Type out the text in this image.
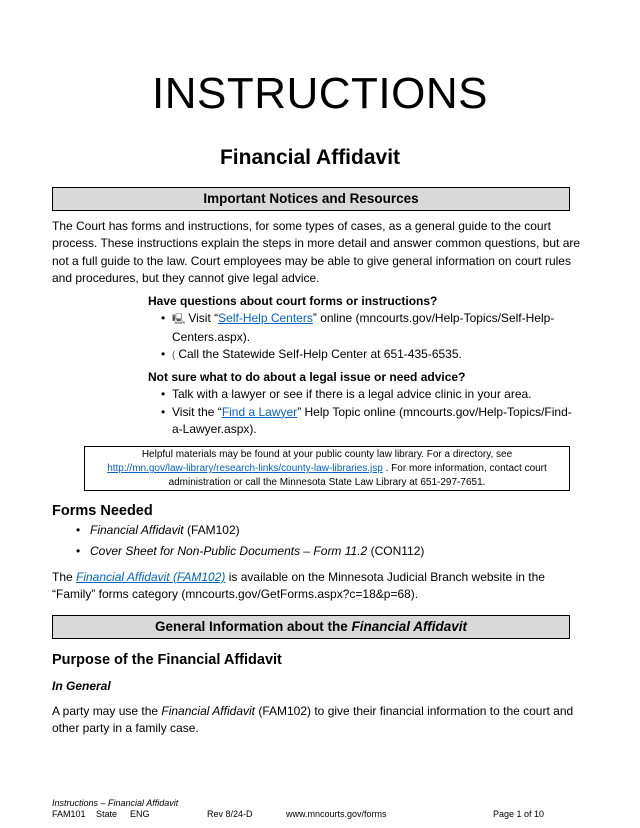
INSTRUCTIONS
Financial Affidavit
Important Notices and Resources
The Court has forms and instructions, for some types of cases, as a general guide to the court process. These instructions explain the steps in more detail and answer common questions, but are not a full guide to the law. Court employees may be able to give general information on court rules and procedures, but they cannot give legal advice.
Have questions about court forms or instructions?
• 🖳 Visit “Self-Help Centers” online (mncourts.gov/Help-Topics/Self-Help-Centers.aspx).
• ( Call the Statewide Self-Help Center at 651-435-6535.
Not sure what to do about a legal issue or need advice?
• Talk with a lawyer or see if there is a legal advice clinic in your area.
• Visit the “Find a Lawyer” Help Topic online (mncourts.gov/Help-Topics/Find-a-Lawyer.aspx).
Helpful materials may be found at your public county law library. For a directory, see
http://mn.gov/law-library/research-links/county-law-libraries.jsp . For more information, contact court
administration or call the Minnesota State Law Library at 651-297-7651.
Forms Needed
• Financial Affidavit (FAM102)
• Cover Sheet for Non-Public Documents – Form 11.2 (CON112)
The Financial Affidavit (FAM102) is available on the Minnesota Judicial Branch website in the “Family” forms category (mncourts.gov/GetForms.aspx?c=18&p=68).
General Information about the Financial Affidavit
Purpose of the Financial Affidavit
In General
A party may use the Financial Affidavit (FAM102) to give their financial information to the court and other party in a family case.
Instructions – Financial Affidavit
FAM101 State ENG	Rev 8/24-D	www.mncourts.gov/forms	Page 1 of 10
